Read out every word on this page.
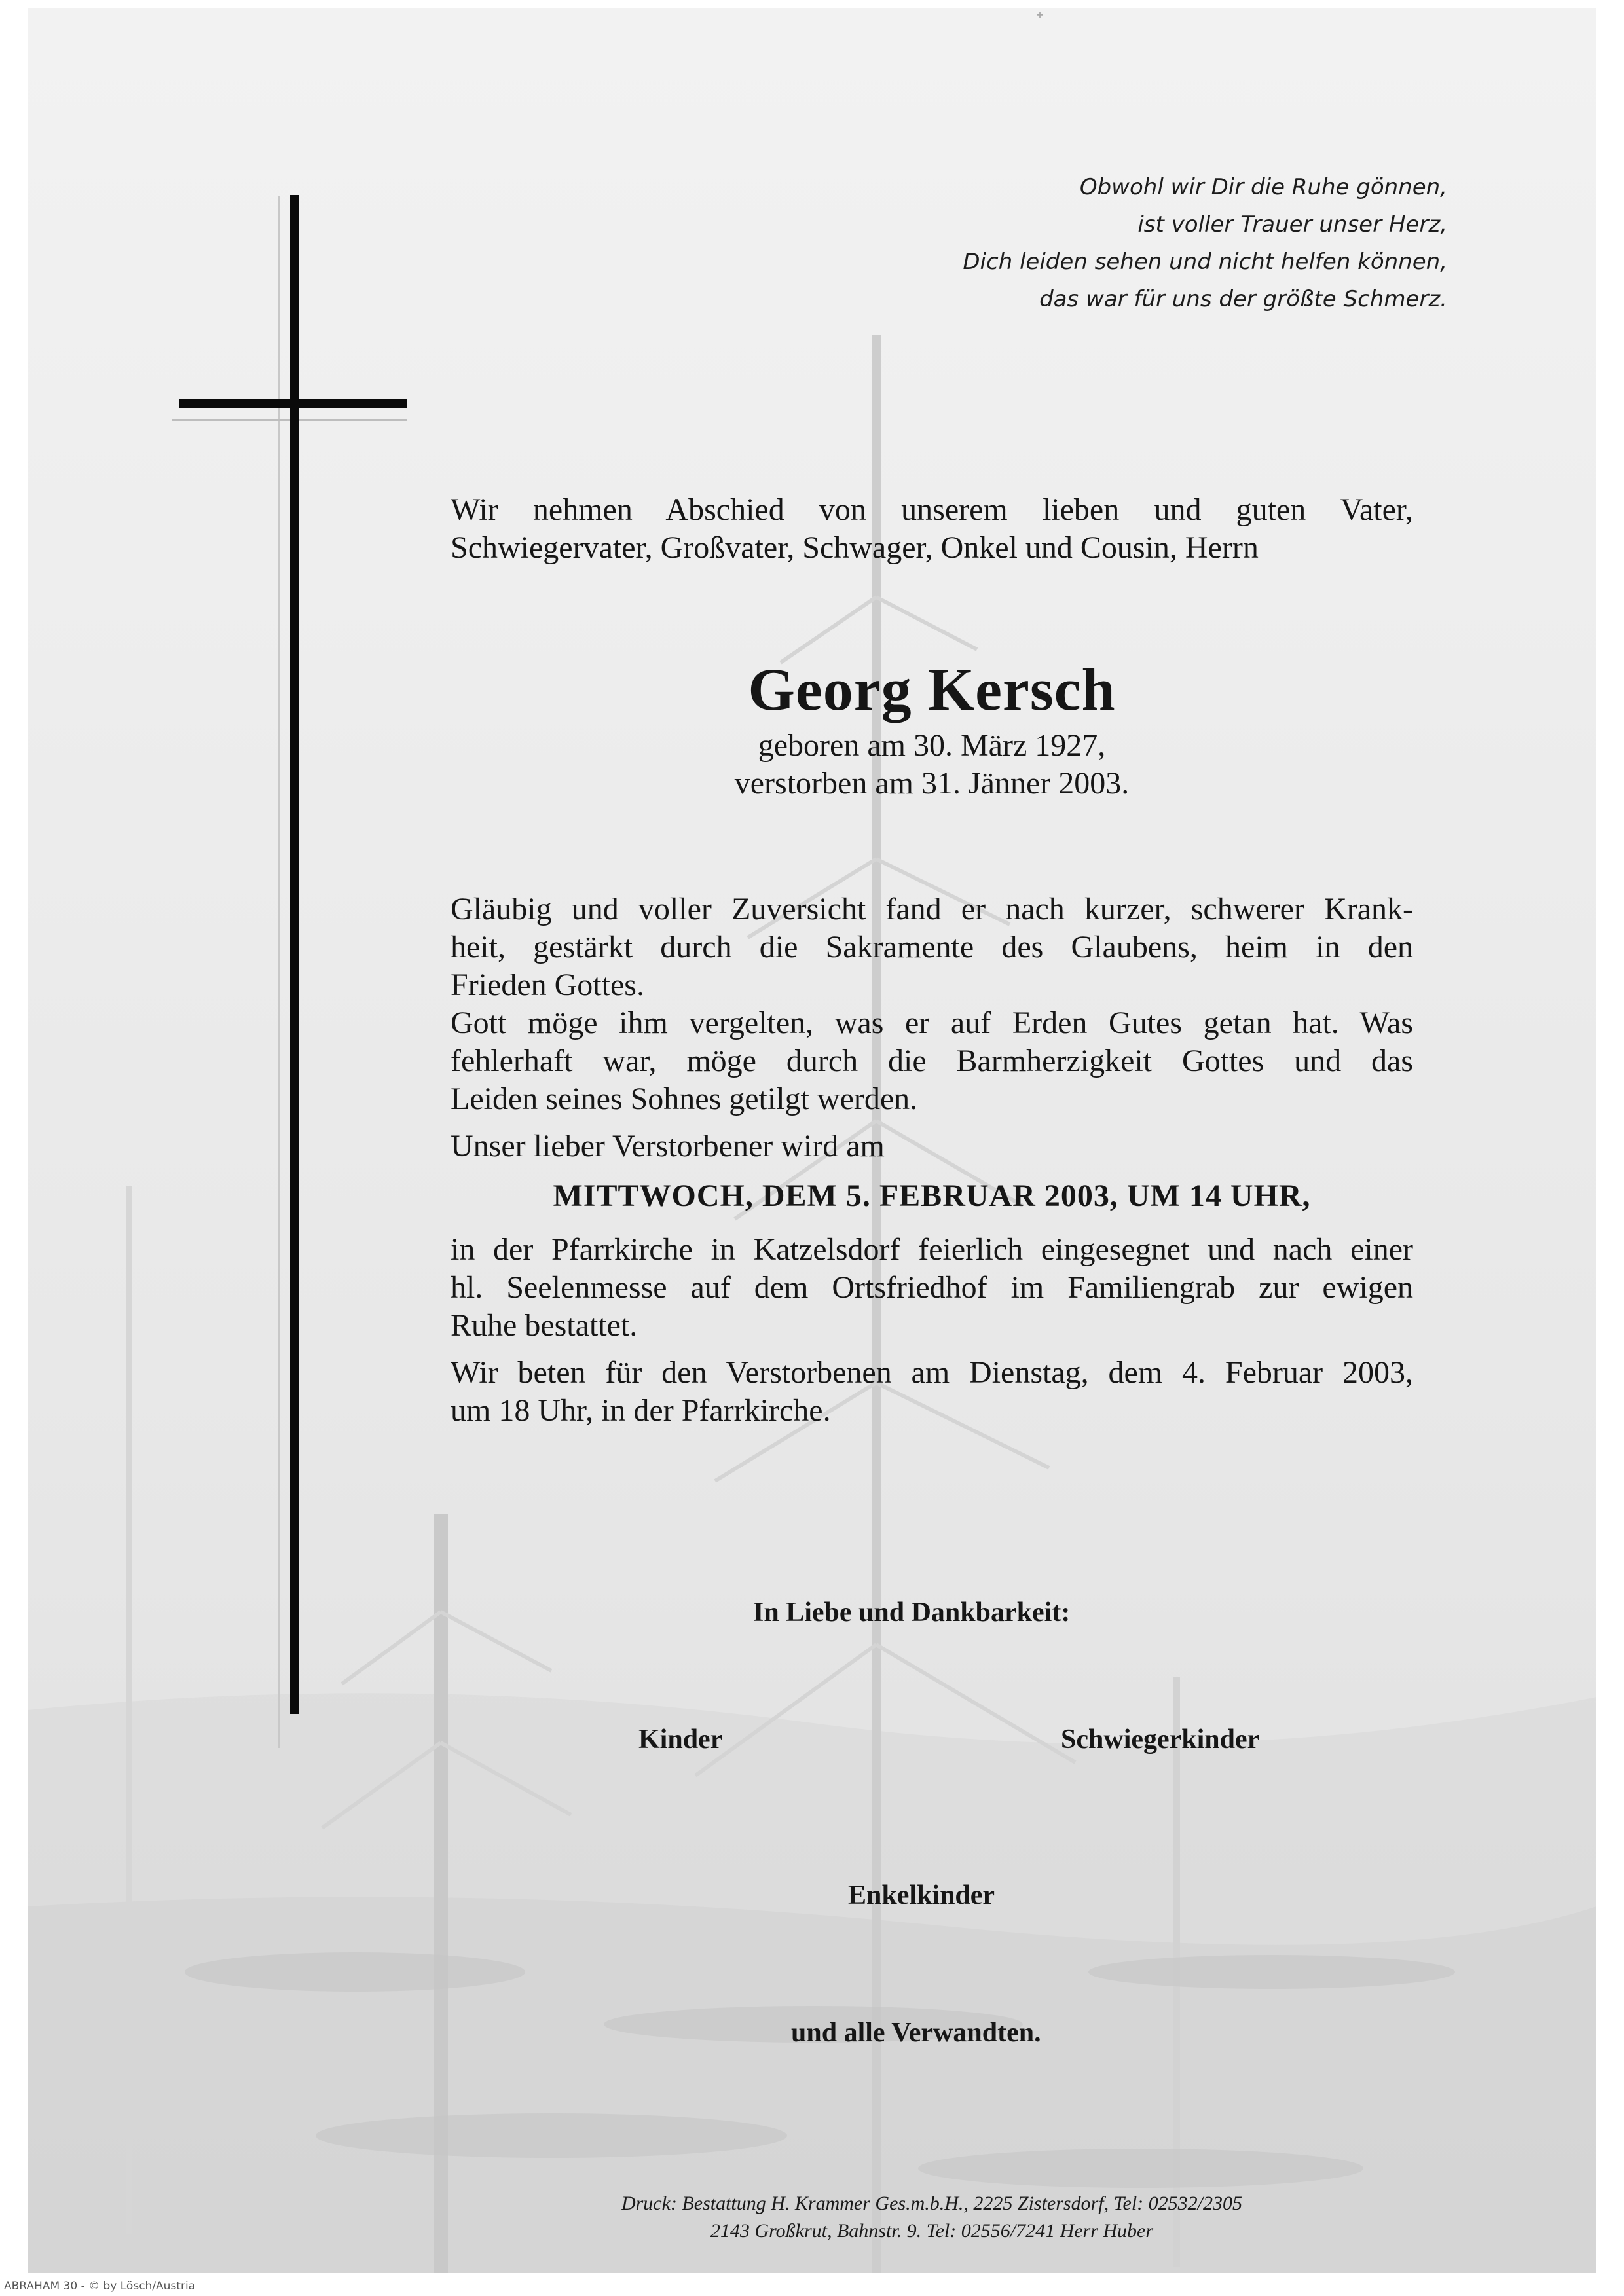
ᐩ
Obwohl wir Dir die Ruhe gönnen,
ist voller Trauer unser Herz,
Dich leiden sehen und nicht helfen können,
das war für uns der größte Schmerz.
Wir nehmen Abschied von unserem lieben und guten Vater,
Schwiegervater, Großvater, Schwager, Onkel und Cousin, Herrn
Georg Kersch
geboren am 30. März 1927,
verstorben am 31. Jänner 2003.
Gläubig und voller Zuversicht fand er nach kurzer, schwerer Krank-
heit, gestärkt durch die Sakramente des Glaubens, heim in den
Frieden Gottes.
Gott möge ihm vergelten, was er auf Erden Gutes getan hat. Was
fehlerhaft war, möge durch die Barmherzigkeit Gottes und das
Leiden seines Sohnes getilgt werden.
Unser lieber Verstorbener wird am
MITTWOCH, DEM 5. FEBRUAR 2003, UM 14 UHR,
in der Pfarrkirche in Katzelsdorf feierlich eingesegnet und nach einer
hl. Seelenmesse auf dem Ortsfriedhof im Familiengrab zur ewigen
Ruhe bestattet.
Wir beten für den Verstorbenen am Dienstag, dem 4. Februar 2003,
um 18 Uhr, in der Pfarrkirche.
In Liebe und Dankbarkeit:
Kinder	Schwiegerkinder
Enkelkinder
und alle Verwandten.
Druck: Bestattung H. Krammer Ges.m.b.H., 2225 Zistersdorf, Tel: 02532/2305
2143 Großkrut, Bahnstr. 9. Tel: 02556/7241 Herr Huber
ABRAHAM 30 - © by Lösch/Austria
